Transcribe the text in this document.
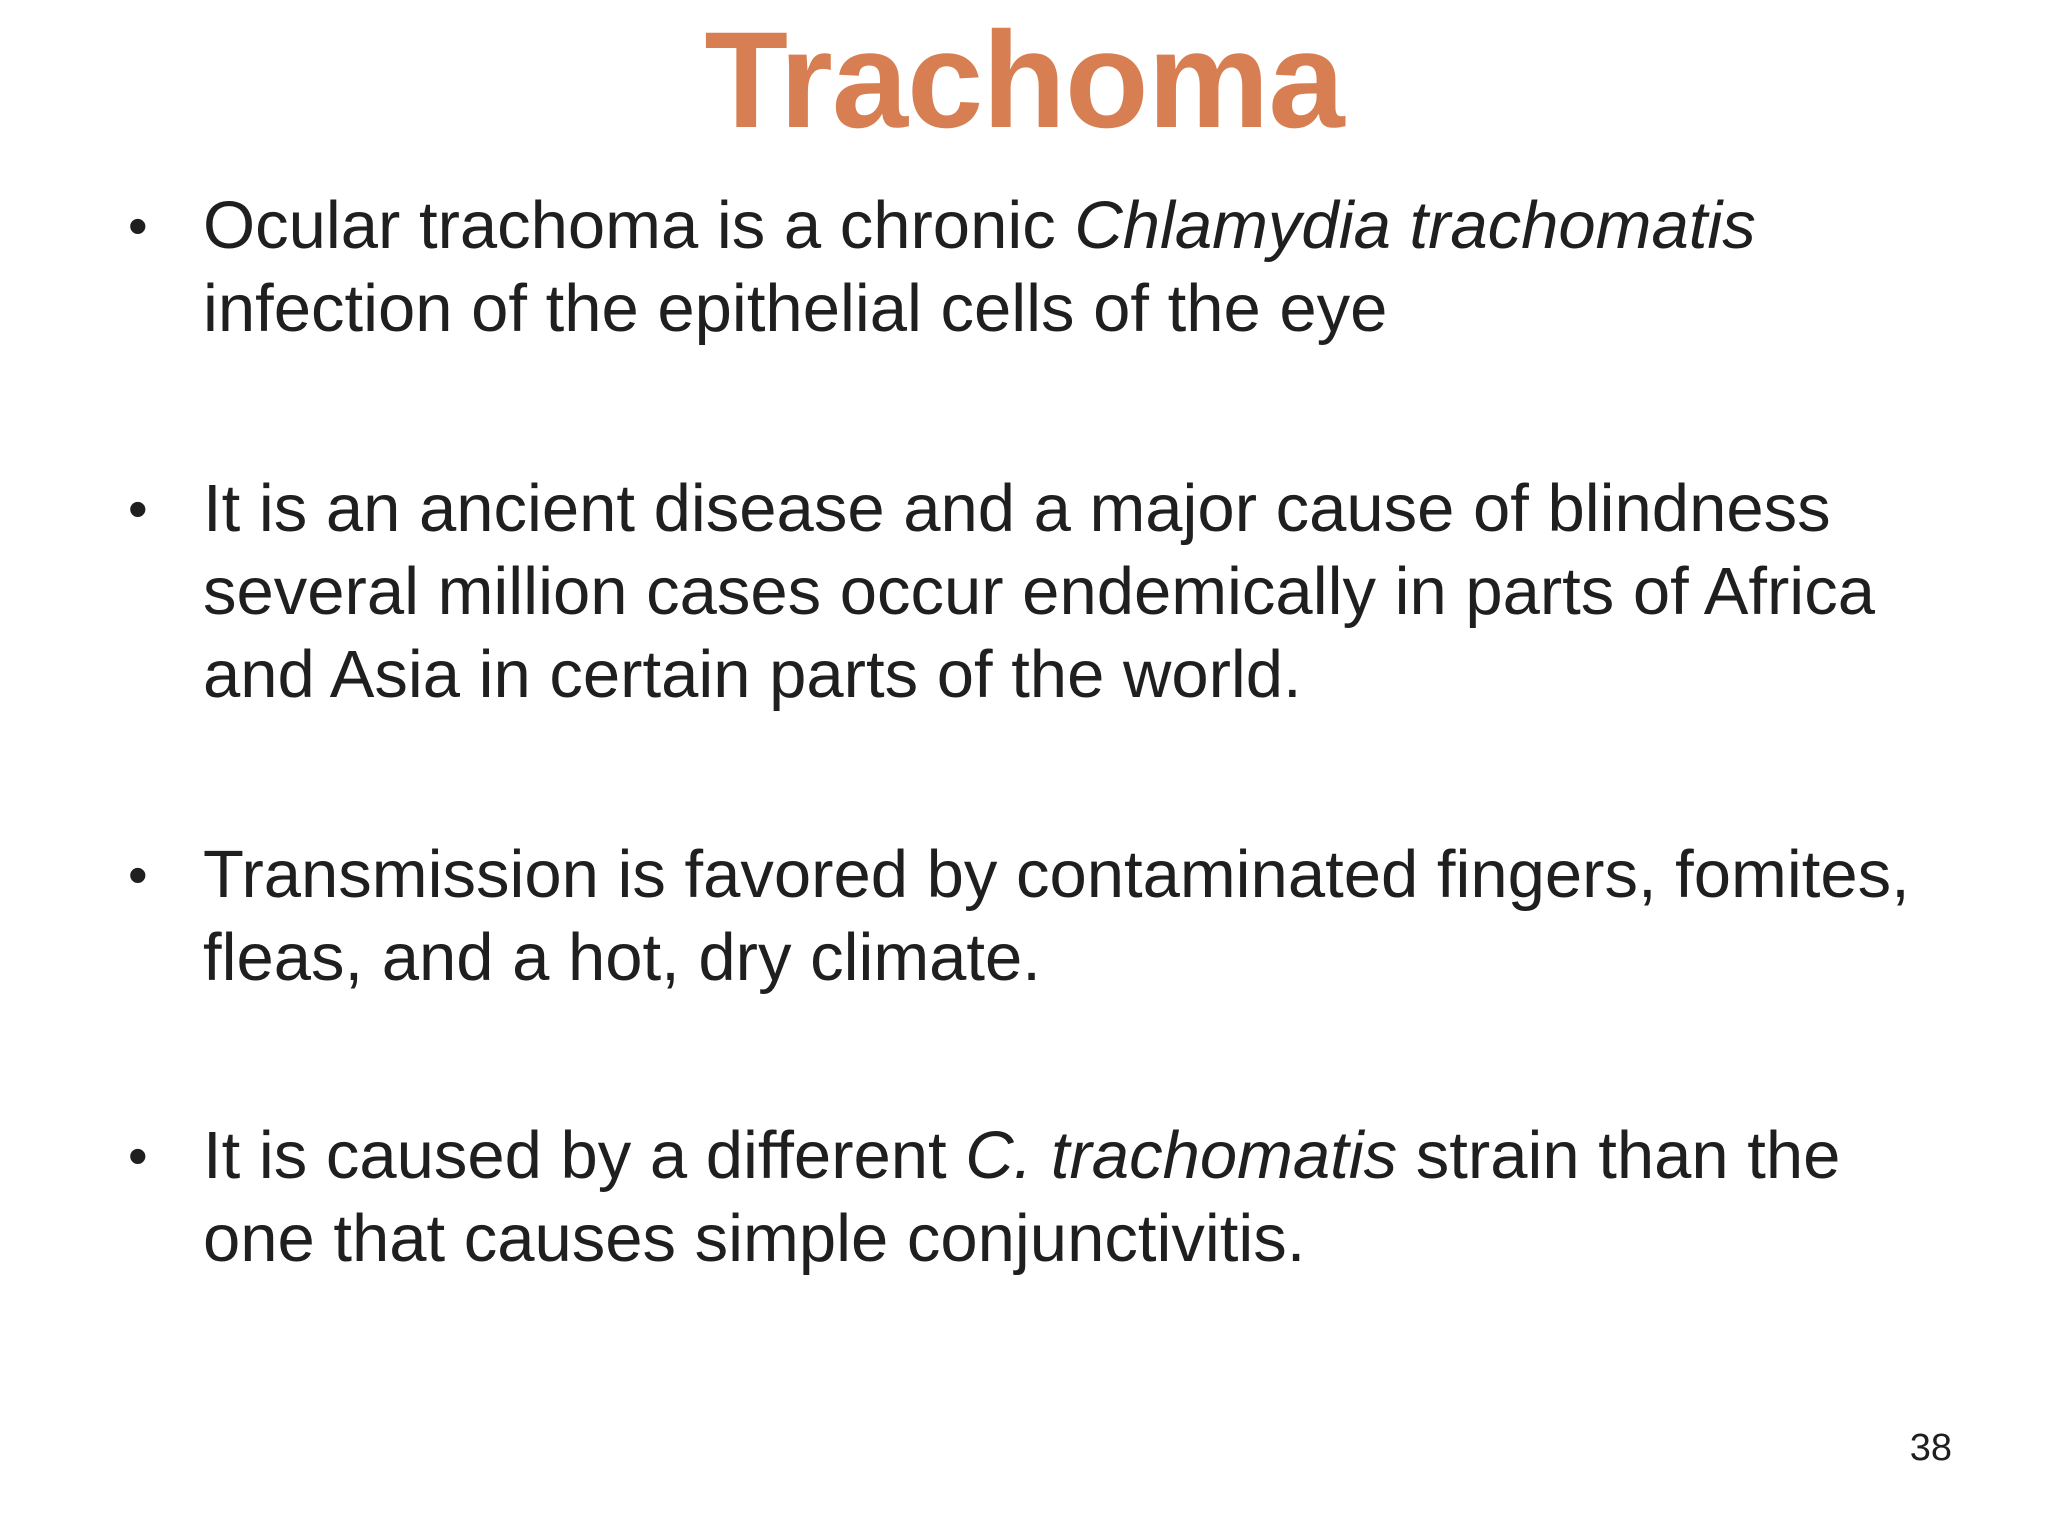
Trachoma
• Ocular trachoma is a chronic Chlamydia trachomatis infection of the epithelial cells of the eye
• It is an ancient disease and a major cause of blindness several million cases occur endemically in parts of Africa and Asia in certain parts of the world.
• Transmission is favored by contaminated fingers, fomites, fleas, and a hot, dry climate.
• It is caused by a different C. trachomatis strain than the one that causes simple conjunctivitis.
38
